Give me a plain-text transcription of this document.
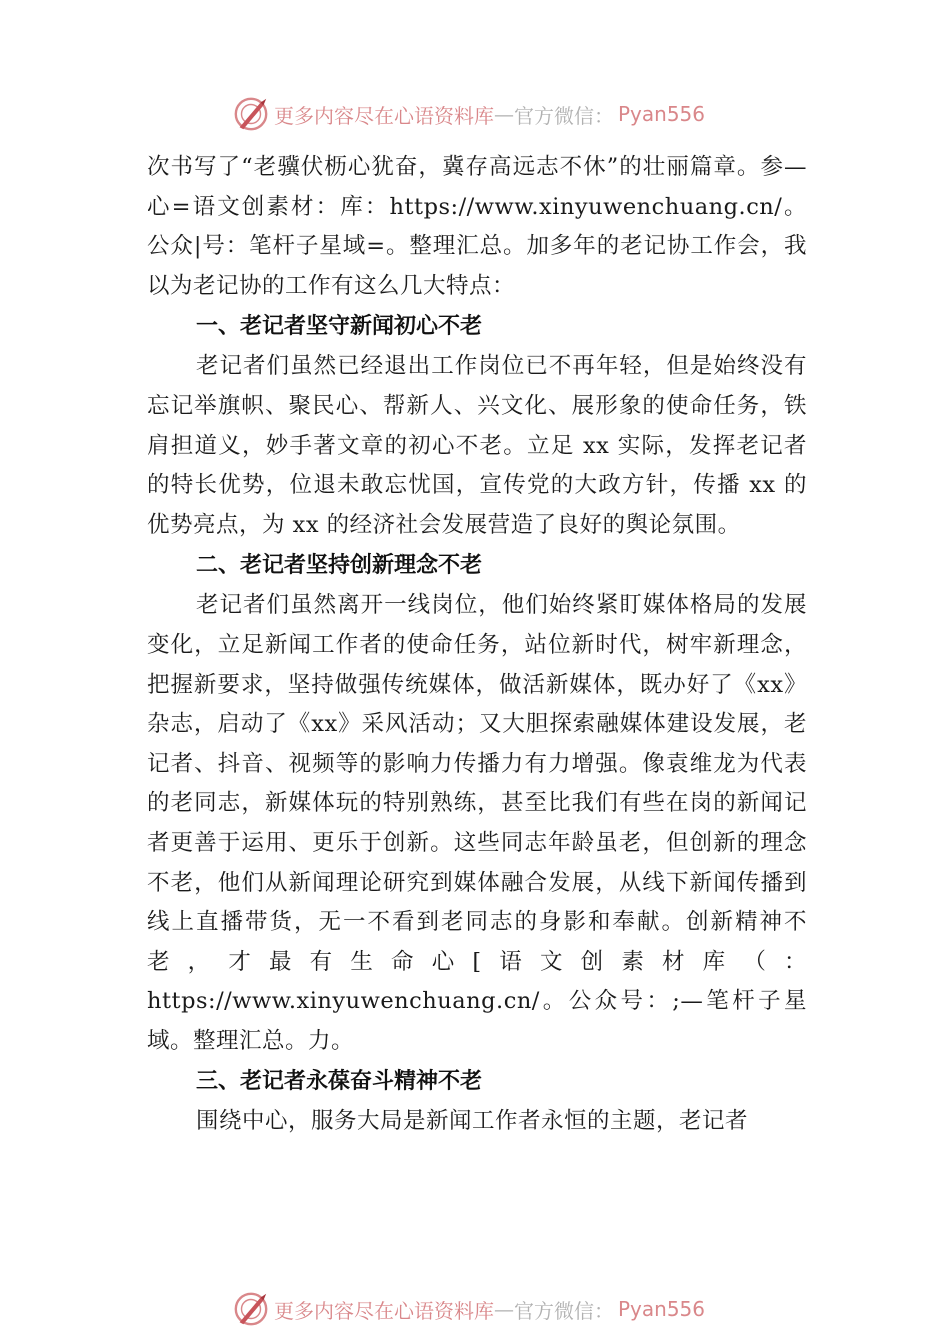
更多内容尽在心语资料库 — 官方微信： Pyan556

次书写了“老骥伏枥心犹奋，冀存高远志不休”的壮丽篇章。参—心=语文创素材：库：https://www.xinyuwenchuang.cn/。公众|号：笔杆子星域=。整理汇总。加多年的老记协工作会，我以为老记协的工作有这么几大特点：

一、老记者坚守新闻初心不老

老记者们虽然已经退出工作岗位已不再年轻，但是始终没有忘记举旗帜、聚民心、帮新人、兴文化、展形象的使命任务，铁肩担道义，妙手著文章的初心不老。立足 xx 实际，发挥老记者的特长优势，位退未敢忘忧国，宣传党的大政方针，传播 xx 的优势亮点，为 xx 的经济社会发展营造了良好的舆论氛围。

二、老记者坚持创新理念不老

老记者们虽然离开一线岗位，他们始终紧盯媒体格局的发展变化，立足新闻工作者的使命任务，站位新时代，树牢新理念，把握新要求，坚持做强传统媒体，做活新媒体，既办好了《xx》杂志，启动了《xx》采风活动；又大胆探索融媒体建设发展，老记者、抖音、视频等的影响力传播力有力增强。像袁维龙为代表的老同志，新媒体玩的特别熟练，甚至比我们有些在岗的新闻记者更善于运用、更乐于创新。这些同志年龄虽老，但创新的理念不老，他们从新闻理论研究到媒体融合发展，从线下新闻传播到线上直播带货，无一不看到老同志的身影和奉献。创新精神不老，才最有生命心[语文创素材库（：https://www.xinyuwenchuang.cn/。公众号：;—笔杆子星域。整理汇总。力。

三、老记者永葆奋斗精神不老

围绕中心，服务大局是新闻工作者永恒的主题，老记者

更多内容尽在心语资料库 — 官方微信： Pyan556
